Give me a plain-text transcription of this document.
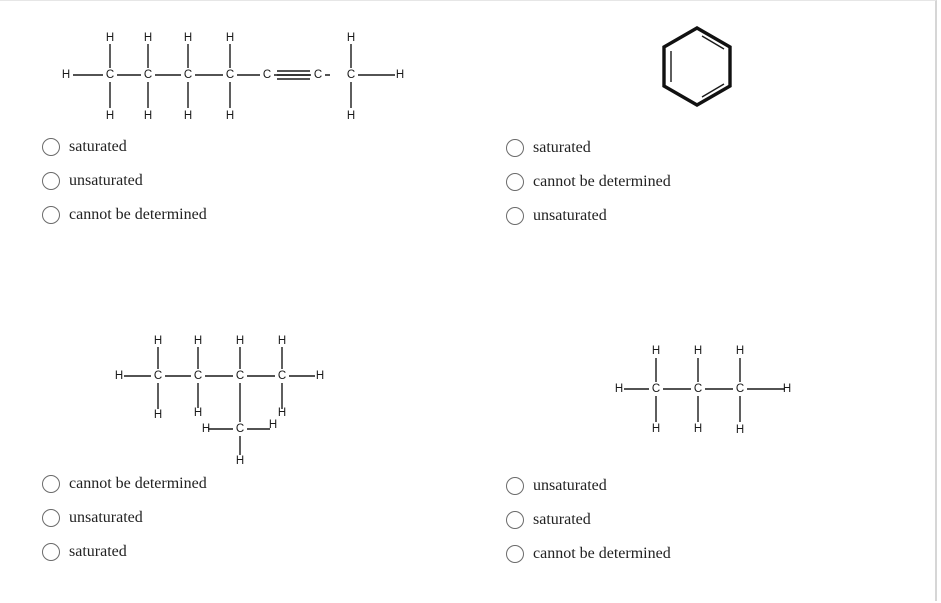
C	C	C	C C	C C
H
H	H	H	H	H
H	H	H	H	H
H
C	C	C	C
C
H
H	H	H	H
H
H	H	H
H	H
H
C	C	C
H
H	H	H
H	H	H
H
saturated
unsaturated
cannot be determined
saturated
cannot be determined
unsaturated
cannot be determined
unsaturated
saturated
unsaturated
saturated
cannot be determined
